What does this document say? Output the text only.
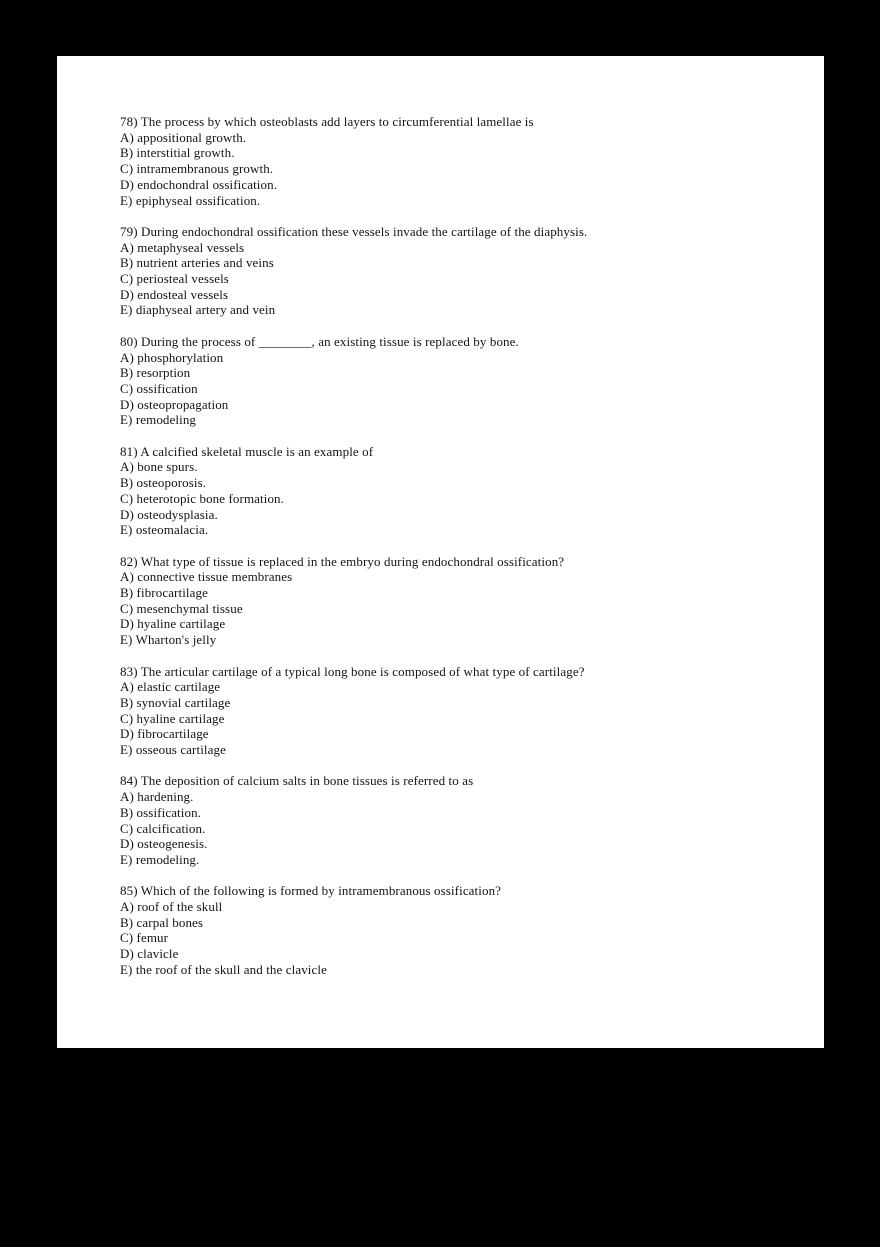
78) The process by which osteoblasts add layers to circumferential lamellae is
A) appositional growth.
B) interstitial growth.
C) intramembranous growth.
D) endochondral ossification.
E) epiphyseal ossification.
79) During endochondral ossification these vessels invade the cartilage of the diaphysis.
A) metaphyseal vessels
B) nutrient arteries and veins
C) periosteal vessels
D) endosteal vessels
E) diaphyseal artery and vein
80) During the process of ________, an existing tissue is replaced by bone.
A) phosphorylation
B) resorption
C) ossification
D) osteopropagation
E) remodeling
81) A calcified skeletal muscle is an example of
A) bone spurs.
B) osteoporosis.
C) heterotopic bone formation.
D) osteodysplasia.
E) osteomalacia.
82) What type of tissue is replaced in the embryo during endochondral ossification?
A) connective tissue membranes
B) fibrocartilage
C) mesenchymal tissue
D) hyaline cartilage
E) Wharton's jelly
83) The articular cartilage of a typical long bone is composed of what type of cartilage?
A) elastic cartilage
B) synovial cartilage
C) hyaline cartilage
D) fibrocartilage
E) osseous cartilage
84) The deposition of calcium salts in bone tissues is referred to as
A) hardening.
B) ossification.
C) calcification.
D) osteogenesis.
E) remodeling.
85) Which of the following is formed by intramembranous ossification?
A) roof of the skull
B) carpal bones
C) femur
D) clavicle
E) the roof of the skull and the clavicle
